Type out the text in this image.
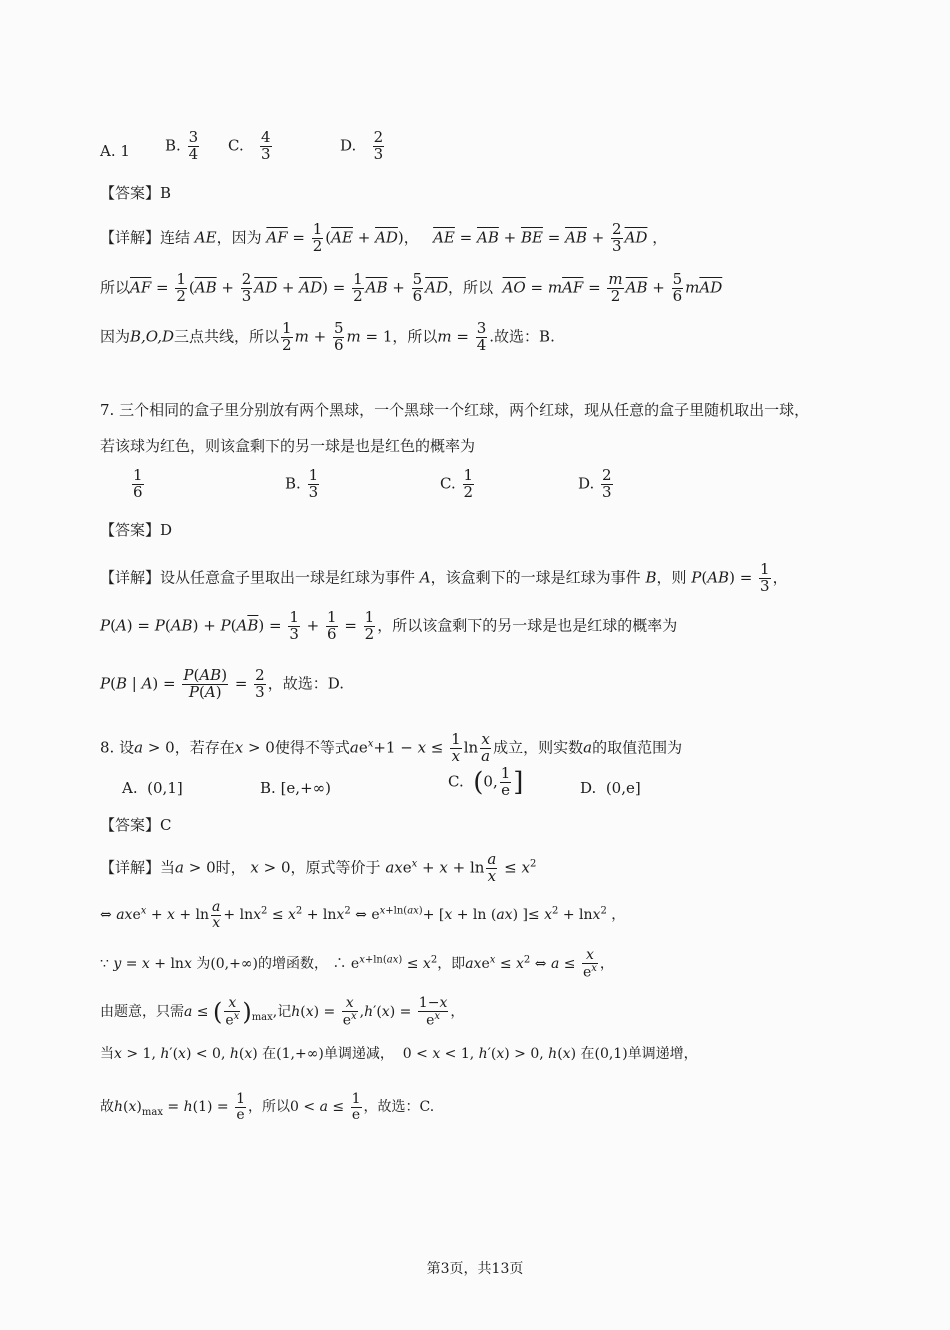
A. 1 B. $\frac{3}{4} C$. $\frac{4}{3}$	D. $\frac{2}{3}$
【答案】B
【详解】连结 AE，因为 $\overline{AF} = \frac{1}{2} (\overline{AE} + \overline{AD})$，   $\overline{AE} = \overline{AB} + \overline{BE} = \overline{AB} + \frac{2}{3} \overline{AD}$ ，
所以$\overline{AF} = \frac{1}{2} (\overline{AB} + \frac{2}{3} \overline{AD} + \overline{AD}) = \frac{1}{2} \overline{AB} + \frac{5}{6} \overline{AD}$，所以 $\overline{AO} = m\overline{AF} = \frac{m}{2} \overline{AB} + \frac{5}{6} m\overline{AD}$
因为B,O,D三点共线，所以 $\frac{1}{2}$ $m + \frac{5}{6}$ m = 1，所以$m = \frac{3}{4}$ .故选：B.
7. 三个相同的盒子里分别放有两个黑球，一个黑球一个红球，两个红球，现从任意的盒子里随机取出一球，
若该球为红色，则该盒剩下的另一球是也是红色的概率为
$\frac{1}{6}$	B. $\frac{1}{3}$	C. $\frac{1}{2}$	D. $\frac{2}{3}$
【答案】D
【详解】设从任意盒子里取出一球是红球为事件 A，该盒剩下的一球是红球为事件 B，则 $P(AB) = \frac{1}{3}$ ，
$P(A) = P(AB) + P(A\overline{B}) = \frac{1}{3} + \frac{1}{6} = \frac{1}{2}$ ，所以该盒剩下的另一球是也是红球的概率为
P(B | $A) = \frac{P(AB)}{P(A)} = \frac{2}{3}$ ，故选：D.
8. 设a > 0，若存在x > 0使得不等式$ae^x+1 - x \le \frac{1}{x}$ $\ln \frac{x}{a}$ 成立，则实数a的取值范围为
A. (0,1]	B. [e,+∞)	C. (0, $\frac{1}{e}$ ]	D. (0,e]
【答案】C
【详解】当a > 0时， x > 0，原式等价于 $axe^x + x + \ln \frac{a}{x} \le x^2$
⇔ $axe^x + x + \ln \frac{a}{x} + \ln x^2 \le x^2 + \ln x^2$ ⇔ $e^{x+ln(ax)}+ [x + \ln (ax)$ ]≤ $x^2 + \ln x^2$ ，
∵ y = x + lnx 为(0,+∞)的增函数， ∴ $e^{x+ln(ax)} \le x^2$，即$axe^x \le x^2$ ⇔ $a \le \frac{x}{e^x}$ ，
由题意，只需a ≤ ( $\frac{x}{e^x} )_{max}$,记$h(x) = \frac{x}{e^x} ,h'(x) = \frac{1-x}{e^x}$ ，
当x > 1, h′(x) < 0, h(x) 在(1,+∞)单调递减，  0 < x < 1, h′(x) > 0, h(x) 在(0,1)单调递增，
故$h(x)_{max} = h(1) = \frac{1}{e}$ ，所以$0 < a \le \frac{1}{e}$ ，故选：C.
第3页，共13页
